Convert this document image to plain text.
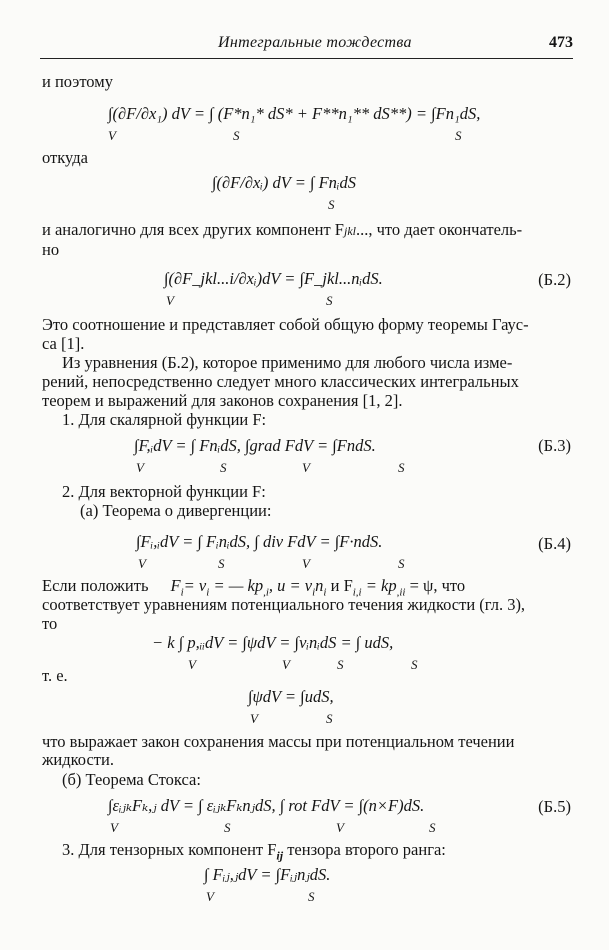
Интегральные тождества	473
и поэтому
∫(∂F/∂x₁) dV = ∫ (F*n₁* dS* + F**n₁** dS**) = ∫Fn₁dS,
V	S	S
откуда
∫(∂F/∂xᵢ) dV = ∫ FnᵢdS
S
и аналогично для всех других компонент Fjkl..., что дает окончатель-
но
∫(∂F_jkl...i/∂xᵢ)dV = ∫F_jkl...nᵢdS.
V	S
(Б.2)
Это соотношение и представляет собой общую форму теоремы Гаус-
са [1].
Из уравнения (Б.2), которое применимо для любого числа изме-
рений, непосредственно следует много классических интегральных
теорем и выражений для законов сохранения [1, 2].
1. Для скалярной функции F:
∫F,ᵢdV = ∫ FnᵢdS, ∫grad FdV = ∫FndS.
V	S	V	S
(Б.3)
2. Для векторной функции F:
(а) Теорема о дивергенции:
∫Fᵢ,ᵢdV = ∫ FᵢnᵢdS, ∫ div FdV = ∫F·ndS.
V	S	V	S
(Б.4)
Если положить $F_i= v_i$ = — $kp_{,i}$, $u = v_in_i$ и $F_{i,i} = kp_{,ii} = \psi$, что
соответствует уравнениям потенциального течения жидкости (гл. 3),
то
− k ∫ p,ᵢᵢdV = ∫ψdV = ∫vᵢnᵢdS = ∫ udS,
V	V	S	S
т. е.
∫ψdV = ∫udS,
V	S
что выражает закон сохранения массы при потенциальном течении
жидкости.
(б) Теорема Стокса:
∫εᵢⱼₖFₖ,ⱼ dV = ∫ εᵢⱼₖFₖnⱼdS, ∫ rot FdV = ∫(n×F)dS.
V	S	V	S
(Б.5)
3. Для тензорных компонент $F_{ij}$ тензора второго ранга:
∫ Fᵢⱼ,ⱼdV = ∫FᵢⱼnⱼdS.
V	S
